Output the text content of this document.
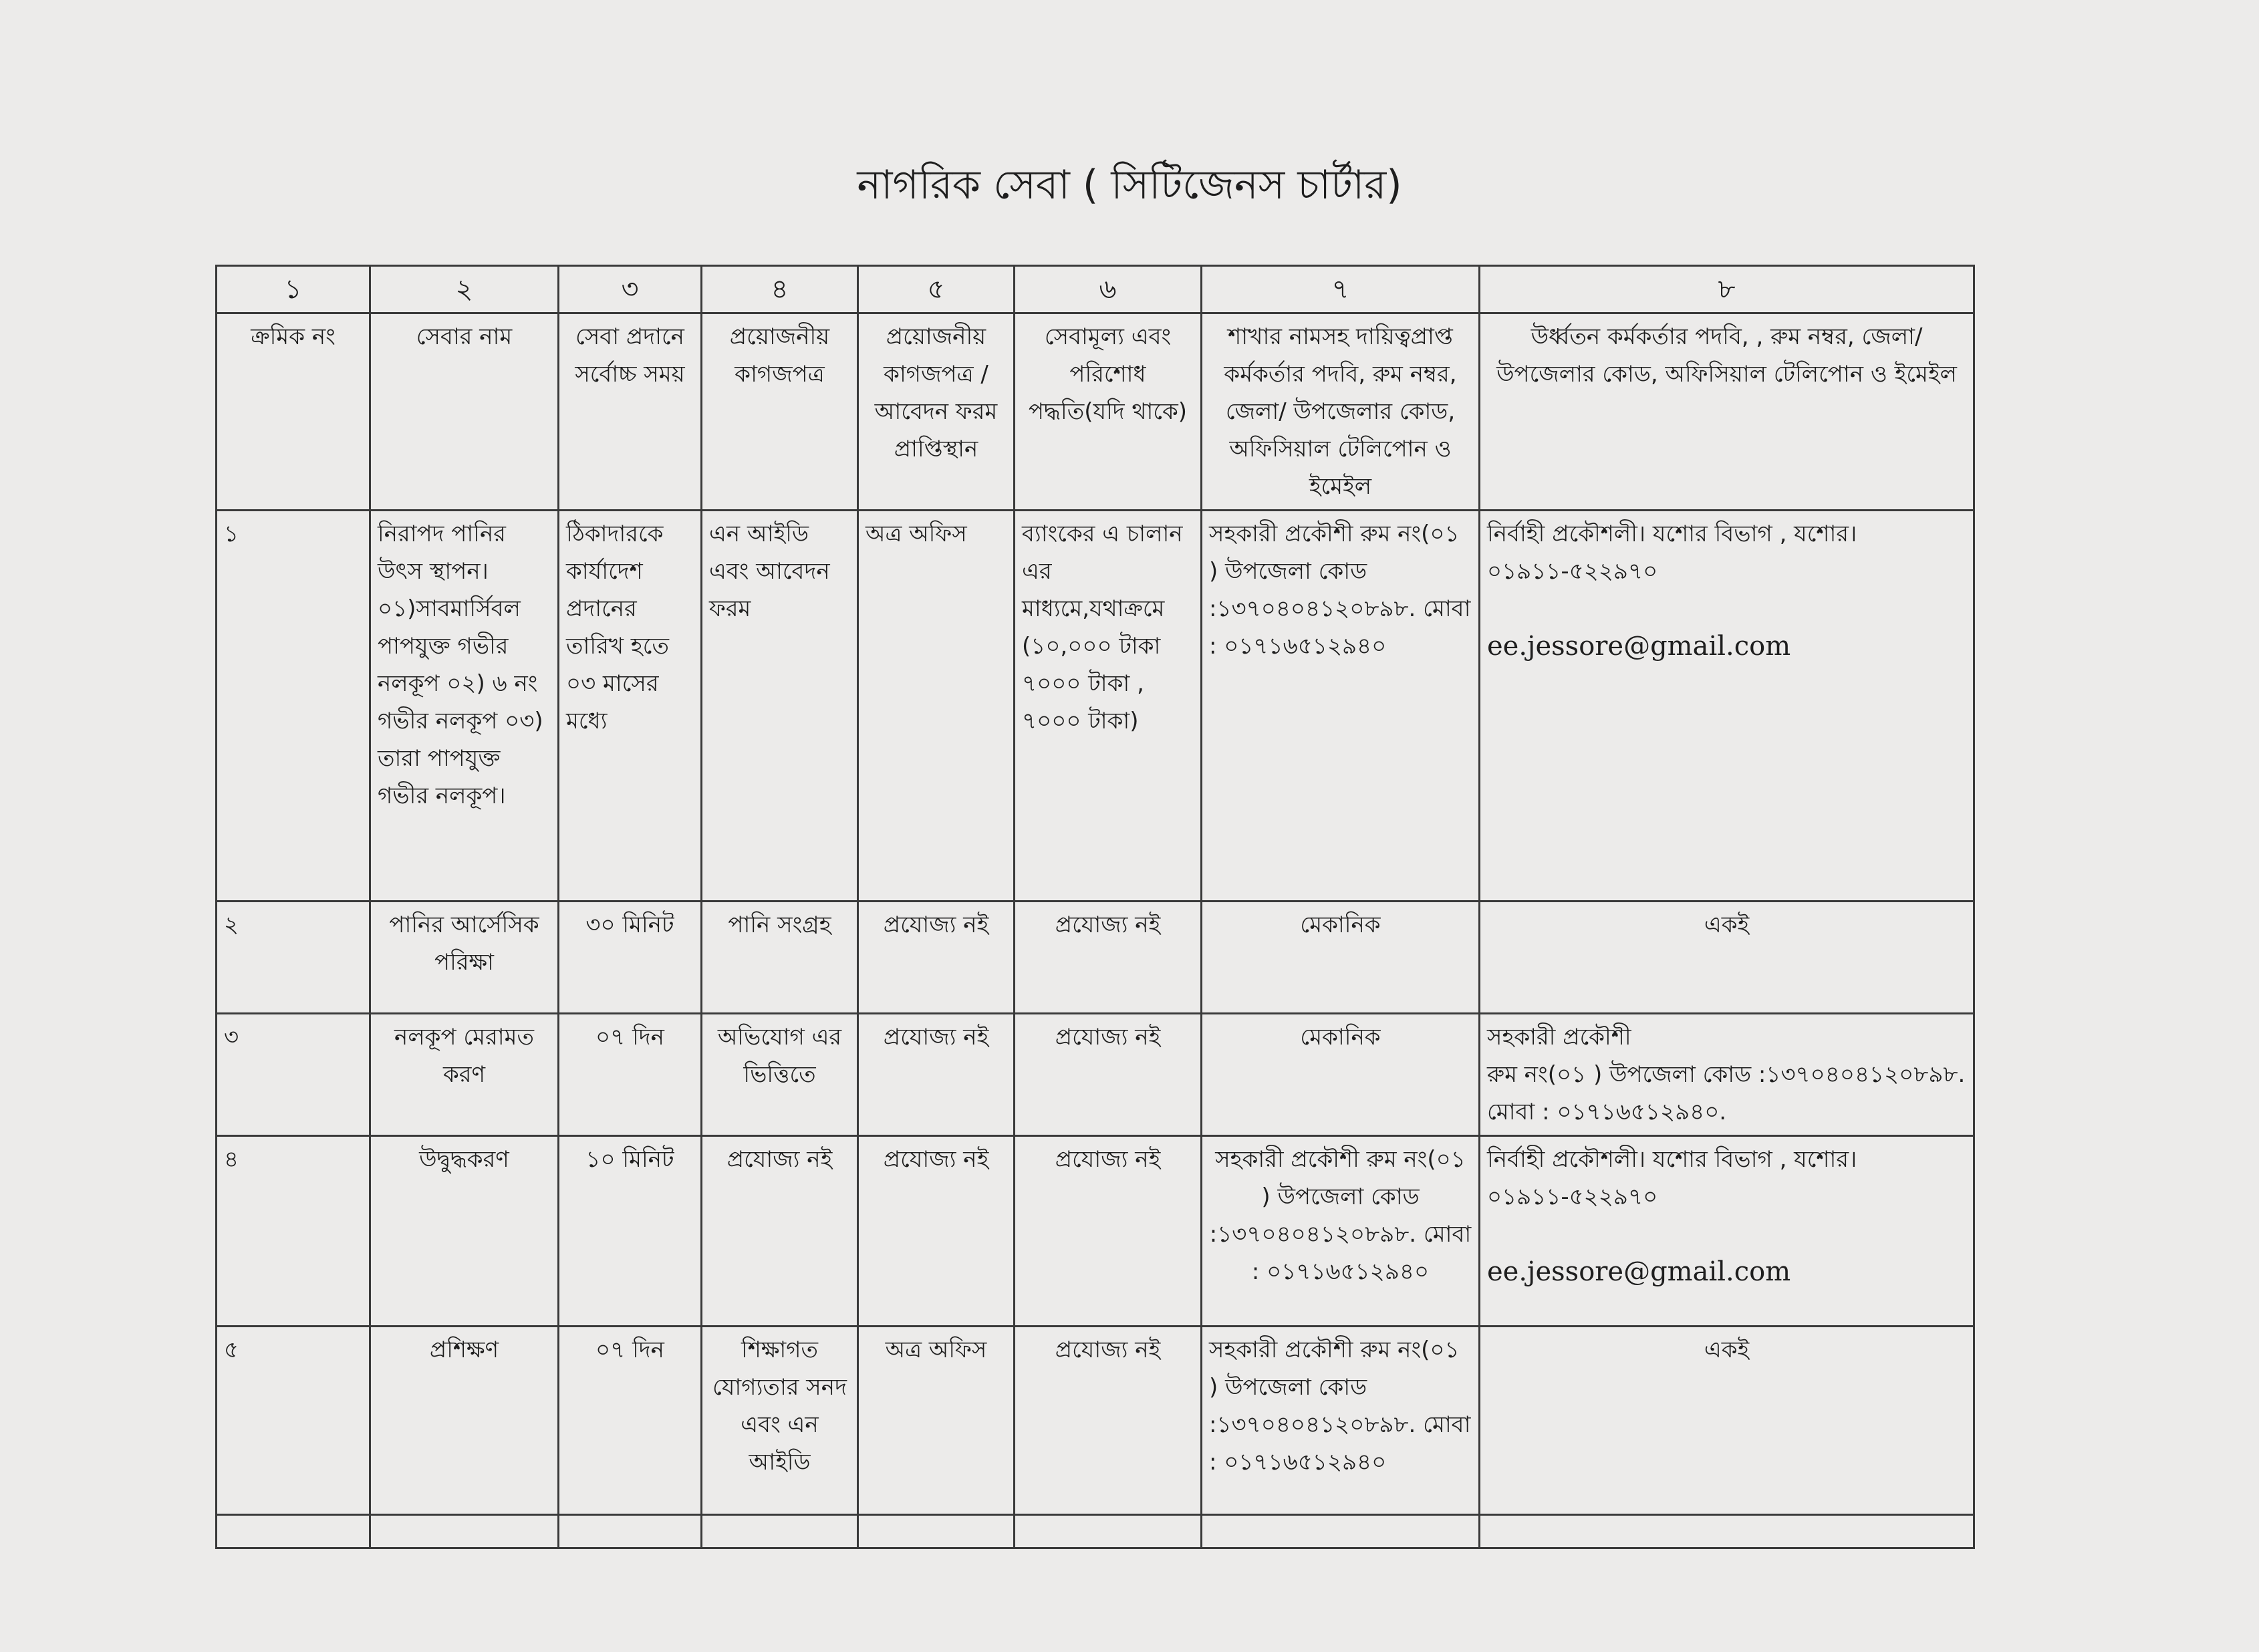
নাগরিক সেবা ( সিটিজেনস চার্টার)
১	২	৩	৪	৫	৬	৭	৮
ক্রমিক নং	সেবার নাম	সেবা প্রদানে সর্বোচ্চ সময়	প্রয়োজনীয় কাগজপত্র	প্রয়োজনীয় কাগজপত্র /আবেদন ফরম প্রাপ্তিস্থান	সেবামূল্য এবং পরিশোধ পদ্ধতি(যদি থাকে)	শাখার নামসহ দায়িত্বপ্রাপ্ত কর্মকর্তার পদবি, রুম নম্বর, জেলা/ উপজেলার কোড, অফিসিয়াল টেলিপোন ও ইমেইল	উর্ধ্বতন কর্মকর্তার পদবি, , রুম নম্বর, জেলা/ উপজেলার কোড, অফিসিয়াল টেলিপোন ও ইমেইল
১	নিরাপদ পানির উৎস স্থাপন। ০১)সাবমার্সিবল পাপযুক্ত গভীর নলকূপ ০২) ৬ নং গভীর নলকূপ ০৩) তারা পাপযুক্ত গভীর নলকূপ।	ঠিকাদারকে কার্যাদেশ প্রদানের তারিখ হতে ০৩ মাসের মধ্যে	এন আইডি এবং আবেদন ফরম	অত্র অফিস	ব্যাংকের এ চালান এর মাধ্যমে,যথাক্রমে (১০,০০০ টাকা ৭০০০ টাকা , ৭০০০ টাকা)	সহকারী প্রকৌশী রুম নং(০১ ) উপজেলা কোড :১৩৭০৪০৪১২০৮৯৮. মোবা : ০১৭১৬৫১২৯৪০	নির্বাহী প্রকৌশলী। যশোর বিভাগ , যশোর।
০১৯১১-৫২২৯৭০
ee.jessore@gmail.com

২	পানির আর্সেসিক পরিক্ষা	৩০ মিনিট	পানি সংগ্রহ	প্রযোজ্য নই	প্রযোজ্য নই	মেকানিক	একই
৩	নলকূপ মেরামত করণ	০৭ দিন	অভিযোগ এর ভিত্তিতে	প্রযোজ্য নই	প্রযোজ্য নই	মেকানিক	সহকারী প্রকৌশী
রুম নং(০১ ) উপজেলা কোড :১৩৭০৪০৪১২০৮৯৮. মোবা : ০১৭১৬৫১২৯৪০.

৪	উদ্বুদ্ধকরণ	১০ মিনিট	প্রযোজ্য নই	প্রযোজ্য নই	প্রযোজ্য নই	সহকারী প্রকৌশী রুম নং(০১ ) উপজেলা কোড :১৩৭০৪০৪১২০৮৯৮. মোবা : ০১৭১৬৫১২৯৪০	নির্বাহী প্রকৌশলী। যশোর বিভাগ , যশোর।
০১৯১১-৫২২৯৭০
ee.jessore@gmail.com

৫	প্রশিক্ষণ	০৭ দিন	শিক্ষাগত যোগ্যতার সনদ এবং এন আইডি	অত্র অফিস	প্রযোজ্য নই	সহকারী প্রকৌশী রুম নং(০১ ) উপজেলা কোড :১৩৭০৪০৪১২০৮৯৮. মোবা : ০১৭১৬৫১২৯৪০	একই
